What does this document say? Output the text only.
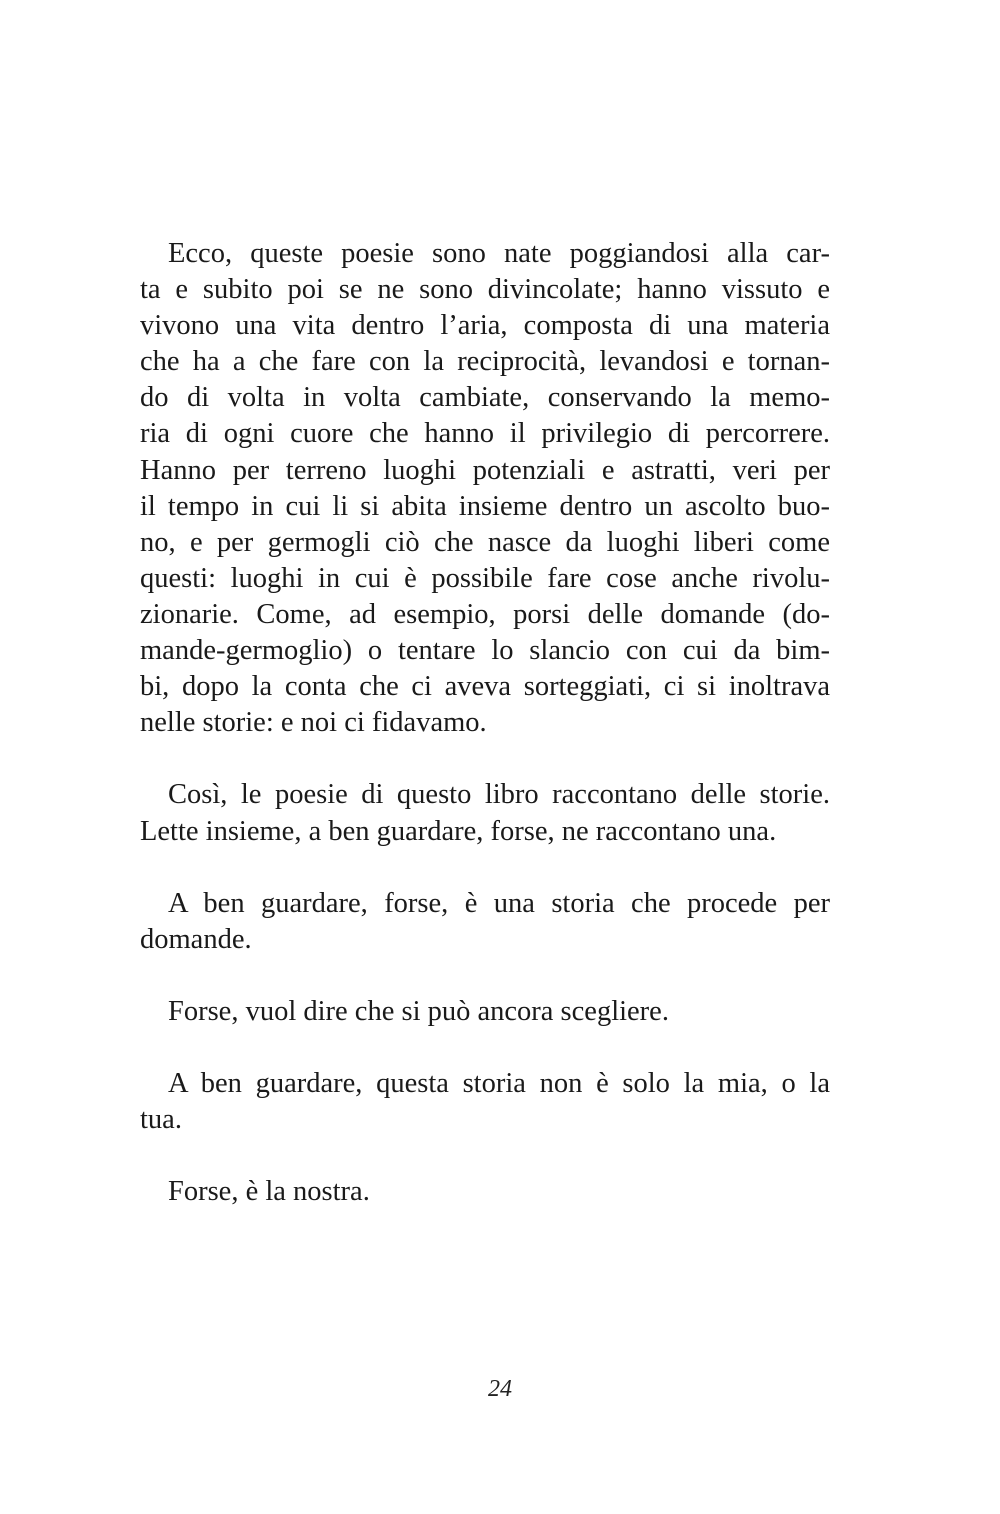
Ecco, queste poesie sono nate poggiandosi alla car-
ta e subito poi se ne sono divincolate; hanno vissuto e
vivono una vita dentro l’aria, composta di una materia
che ha a che fare con la reciprocità, levandosi e tornan-
do di volta in volta cambiate, conservando la memo-
ria di ogni cuore che hanno il privilegio di percorrere.
Hanno per terreno luoghi potenziali e astratti, veri per
il tempo in cui li si abita insieme dentro un ascolto buo-
no, e per germogli ciò che nasce da luoghi liberi come
questi: luoghi in cui è possibile fare cose anche rivolu-
zionarie. Come, ad esempio, porsi delle domande (do-
mande-germoglio) o tentare lo slancio con cui da bim-
bi, dopo la conta che ci aveva sorteggiati, ci si inoltrava
nelle storie: e noi ci fidavamo.
Così, le poesie di questo libro raccontano delle storie.
Lette insieme, a ben guardare, forse, ne raccontano una.
A ben guardare, forse, è una storia che procede per
domande.
Forse, vuol dire che si può ancora scegliere.
A ben guardare, questa storia non è solo la mia, o la
tua.
Forse, è la nostra.
24
